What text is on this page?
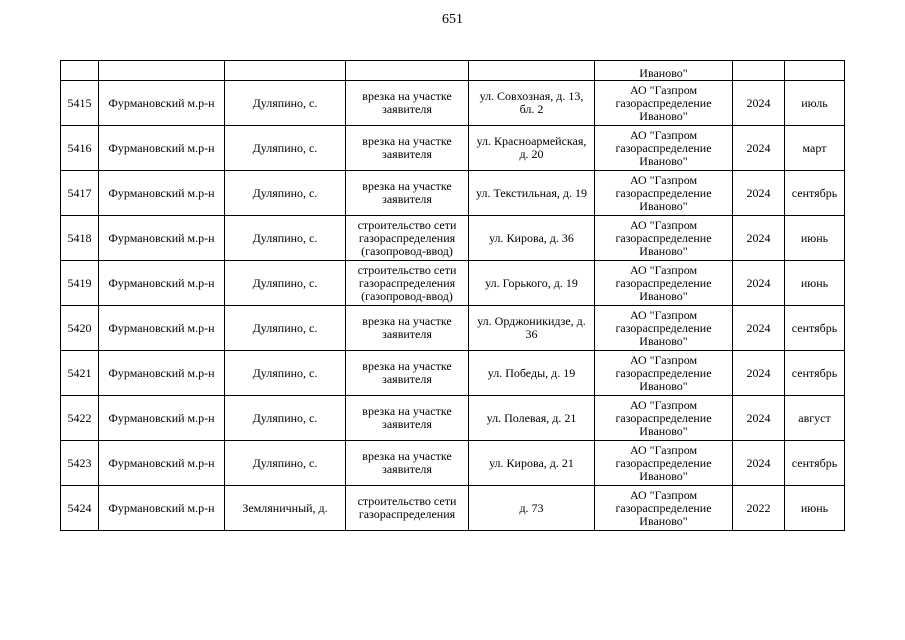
651
					Иваново"		
5415	Фурмановский м.р-н	Дуляпино, с.	врезка на участке заявителя	ул. Совхозная, д. 13, бл. 2	АО "Газпром газораспределение Иваново"	2024	июль
5416	Фурмановский м.р-н	Дуляпино, с.	врезка на участке заявителя	ул. Красноармейская, д. 20	АО "Газпром газораспределение Иваново"	2024	март
5417	Фурмановский м.р-н	Дуляпино, с.	врезка на участке заявителя	ул. Текстильная, д. 19	АО "Газпром газораспределение Иваново"	2024	сентябрь
5418	Фурмановский м.р-н	Дуляпино, с.	строительство сети газораспределения (газопровод-ввод)	ул. Кирова, д. 36	АО "Газпром газораспределение Иваново"	2024	июнь
5419	Фурмановский м.р-н	Дуляпино, с.	строительство сети газораспределения (газопровод-ввод)	ул. Горького, д. 19	АО "Газпром газораспределение Иваново"	2024	июнь
5420	Фурмановский м.р-н	Дуляпино, с.	врезка на участке заявителя	ул. Орджоникидзе, д. 36	АО "Газпром газораспределение Иваново"	2024	сентябрь
5421	Фурмановский м.р-н	Дуляпино, с.	врезка на участке заявителя	ул. Победы, д. 19	АО "Газпром газораспределение Иваново"	2024	сентябрь
5422	Фурмановский м.р-н	Дуляпино, с.	врезка на участке заявителя	ул. Полевая, д. 21	АО "Газпром газораспределение Иваново"	2024	август
5423	Фурмановский м.р-н	Дуляпино, с.	врезка на участке заявителя	ул. Кирова, д. 21	АО "Газпром газораспределение Иваново"	2024	сентябрь
5424	Фурмановский м.р-н	Земляничный, д.	строительство сети газораспределения	д. 73	АО "Газпром газораспределение Иваново"	2022	июнь
